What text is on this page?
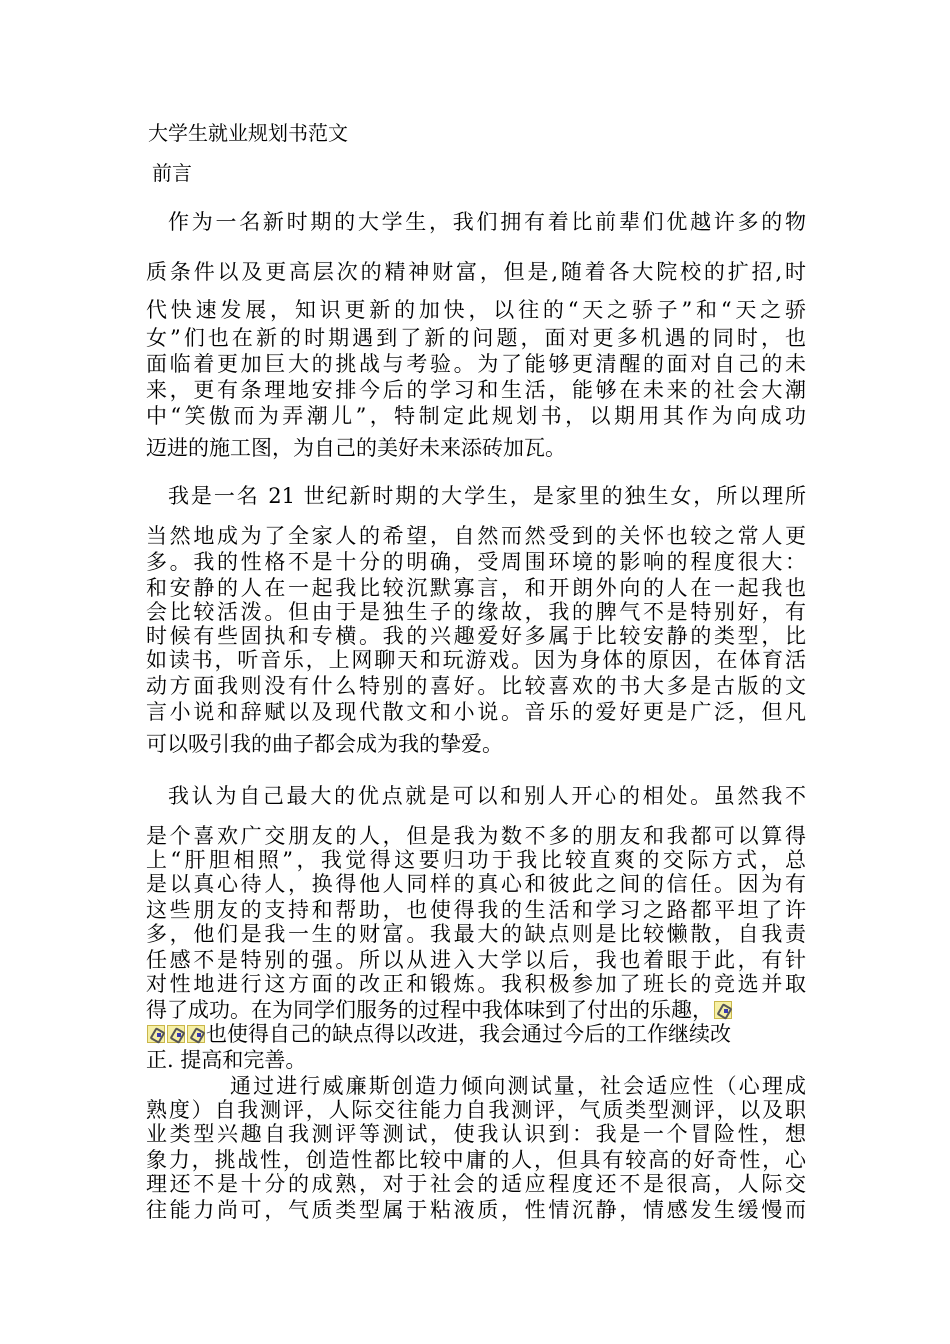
大学生就业规划书范文
前言
作为一名新时期的大学生，我们拥有着比前辈们优越许多的物
质条件以及更高层次的精神财富，但是,随着各大院校的扩招,时
代快速发展，知识更新的加快，以往的“天之骄子”和“天之骄
女”们也在新的时期遇到了新的问题，面对更多机遇的同时，也
面临着更加巨大的挑战与考验。为了能够更清醒的面对自己的未
来，更有条理地安排今后的学习和生活，能够在未来的社会大潮
中“笑傲而为弄潮儿”，特制定此规划书，以期用其作为向成功
迈进的施工图，为自己的美好未来添砖加瓦。
我是一名 21 世纪新时期的大学生，是家里的独生女，所以理所
当然地成为了全家人的希望，自然而然受到的关怀也较之常人更
多。我的性格不是十分的明确，受周围环境的影响的程度很大：
和安静的人在一起我比较沉默寡言，和开朗外向的人在一起我也
会比较活泼。但由于是独生子的缘故，我的脾气不是特别好，有
时候有些固执和专横。我的兴趣爱好多属于比较安静的类型，比
如读书，听音乐，上网聊天和玩游戏。因为身体的原因，在体育活
动方面我则没有什么特别的喜好。比较喜欢的书大多是古版的文
言小说和辞赋以及现代散文和小说。音乐的爱好更是广泛，但凡
可以吸引我的曲子都会成为我的挚爱。
我认为自己最大的优点就是可以和别人开心的相处。虽然我不
是个喜欢广交朋友的人，但是我为数不多的朋友和我都可以算得
上“肝胆相照”，我觉得这要归功于我比较直爽的交际方式，总
是以真心待人，换得他人同样的真心和彼此之间的信任。因为有
这些朋友的支持和帮助，也使得我的生活和学习之路都平坦了许
多，他们是我一生的财富。我最大的缺点则是比较懒散，自我责
任感不是特别的强。所以从进入大学以后，我也着眼于此，有针
对性地进行这方面的改正和锻炼。我积极参加了班长的竞选并取
得了成功。在为同学们服务的过程中我体味到了付出的乐趣，
也使得自己的缺点得以改进，我会通过今后的工作继续改
正. 提高和完善。
通过进行威廉斯创造力倾向测试量，社会适应性（心理成
熟度）自我测评，人际交往能力自我测评，气质类型测评，以及职
业类型兴趣自我测评等测试，使我认识到：我是一个冒险性，想
象力，挑战性，创造性都比较中庸的人，但具有较高的好奇性，心
理还不是十分的成熟，对于社会的适应程度还不是很高，人际交
往能力尚可，气质类型属于粘液质，性情沉静，情感发生缓慢而
